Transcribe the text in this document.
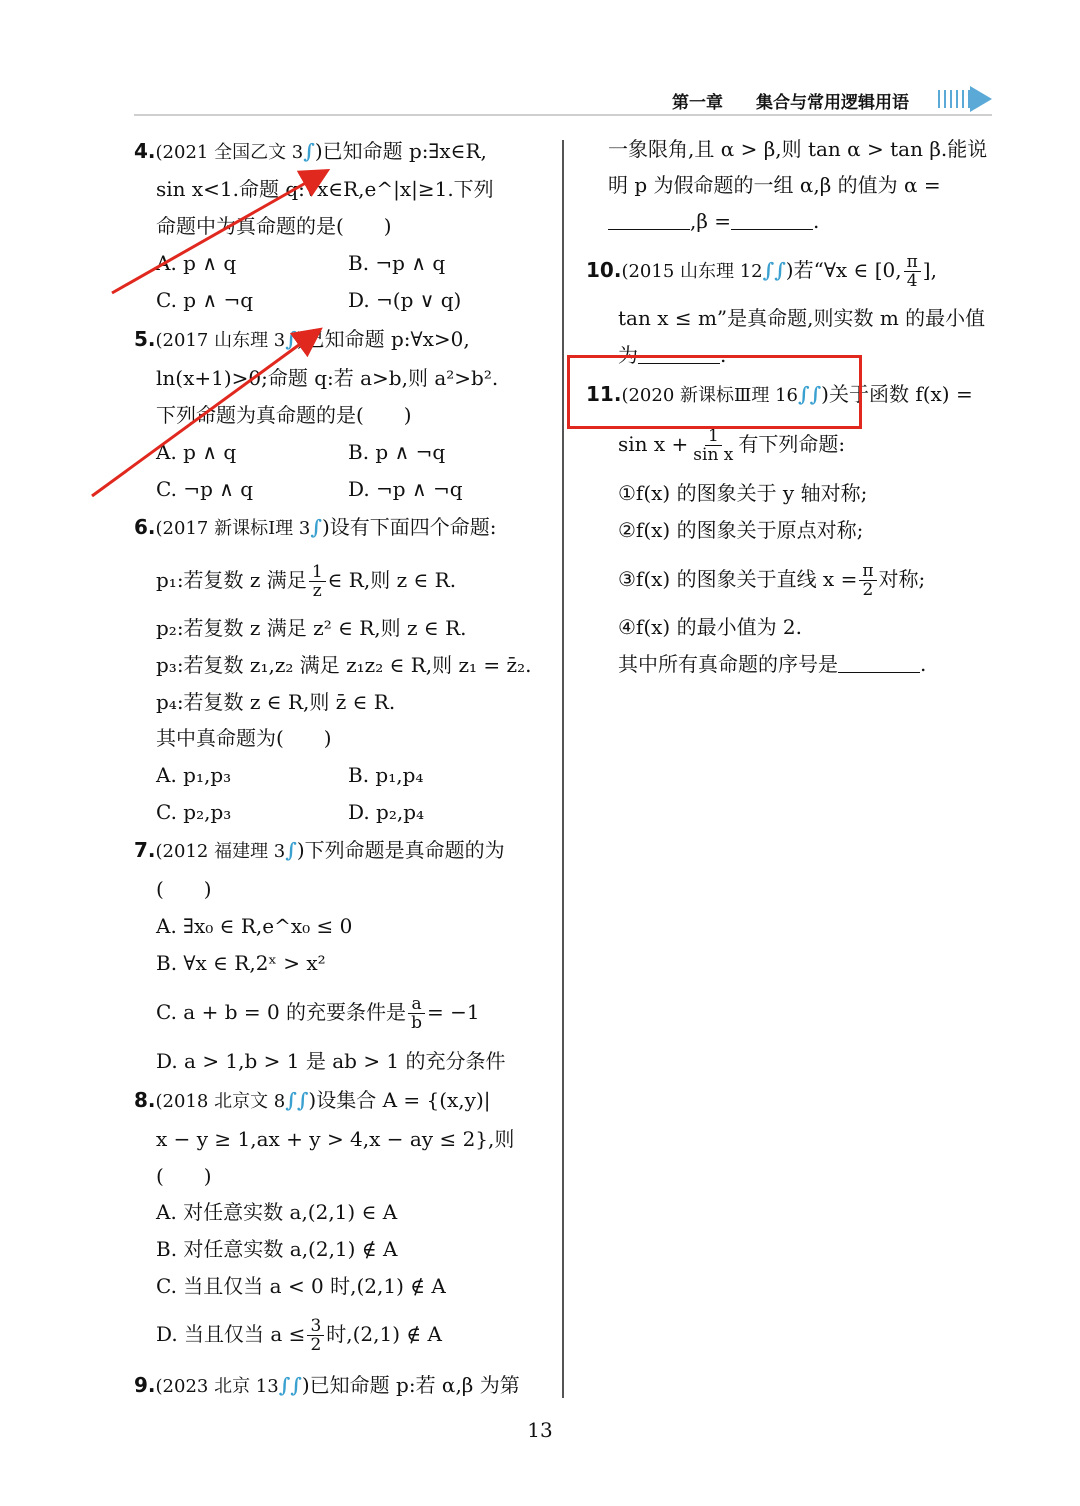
第一章 集合与常用逻辑用语
4.(2021 全国乙文 3∫)已知命题 p:∃x∈R,
sin x<1.命题 q:∀x∈R,e^|x|≥1.下列
命题中为真命题的是(　　)
A. p ∧ q	B. ¬p ∧ q
C. p ∧ ¬q	D. ¬(p ∨ q)
5.(2017 山东理 3∫)已知命题 p:∀x>0,
ln(x+1)>0;命题 q:若 a>b,则 a²>b².
下列命题为真命题的是(　　)
A. p ∧ q	B. p ∧ ¬q
C. ¬p ∧ q	D. ¬p ∧ ¬q
6.(2017 新课标Ⅰ理 3∫)设有下面四个命题:
p₁:若复数 z 满足 $\frac{1}{z}$ ∈ R,则 z ∈ R.
p₂:若复数 z 满足 z² ∈ R,则 z ∈ R.
p₃:若复数 z₁,z₂ 满足 z₁z₂ ∈ R,则 z₁ = z̄₂.
p₄:若复数 z ∈ R,则 z̄ ∈ R.
其中真命题为(　　)
A. p₁,p₃	B. p₁,p₄
C. p₂,p₃	D. p₂,p₄
7.(2012 福建理 3∫)下列命题是真命题的为
(　　)
A. ∃x₀ ∈ R,e^x₀ ≤ 0
B. ∀x ∈ R,2ˣ > x²
C. a + b = 0 的充要条件是 $\frac{a}{b} = -1$
D. a > 1,b > 1 是 ab > 1 的充分条件
8.(2018 北京文 8∫∫)设集合 A = {(x,y)|
x − y ≥ 1,ax + y > 4,x − ay ≤ 2},则
(　　)
A. 对任意实数 a,(2,1) ∈ A
B. 对任意实数 a,(2,1) ∉ A
C. 当且仅当 a < 0 时,(2,1) ∉ A
D. 当且仅当 $a \le \frac{3}{2}$ 时,(2,1) ∉ A
9.(2023 北京 13∫∫)已知命题 p:若 α,β 为第
一象限角,且 α > β,则 tan α > tan β.能说
明 p 为假命题的一组 α,β 的值为 α =
,β =	.
10.(2015 山东理 12∫∫)若“∀x ∈ [0, $\frac{\pi}{4}$ ],
tan x ≤ m”是真命题,则实数 m 的最小值
为	.
11.(2020 新课标Ⅲ理 16∫∫)关于函数 f(x) =
$\sin x + \frac{1}{\text{sin x}}$ 有下列命题:
①f(x) 的图象关于 y 轴对称;
②f(x) 的图象关于原点对称;
③f(x) 的图象关于直线 $x = \frac{\pi}{2}$ 对称;
④f(x) 的最小值为 2.
其中所有真命题的序号是	.
13
